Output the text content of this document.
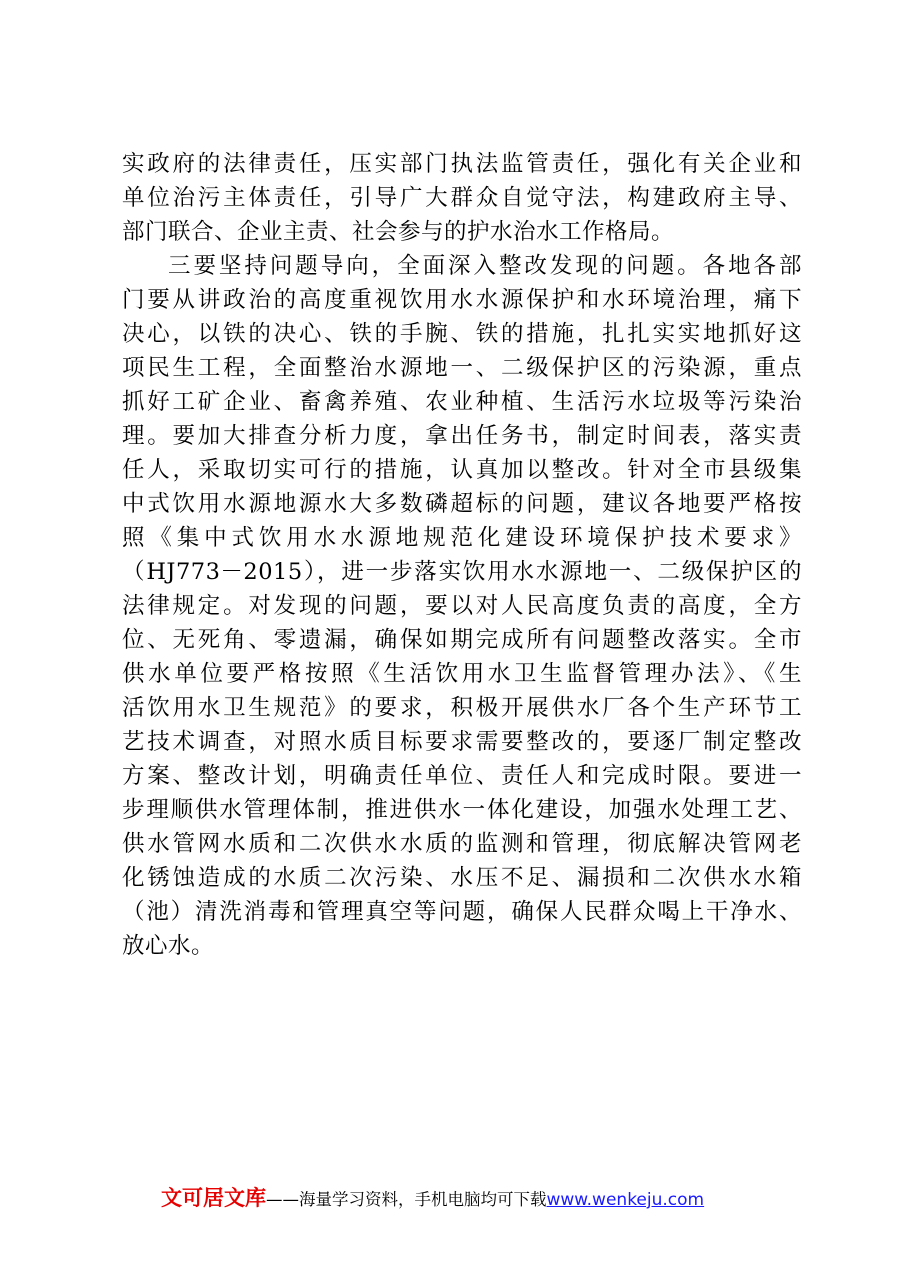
实政府的法律责任，压实部门执法监管责任，强化有关企业和
单位治污主体责任，引导广大群众自觉守法，构建政府主导、
部门联合、企业主责、社会参与的护水治水工作格局。
三要坚持问题导向，全面深入整改发现的问题。各地各部
门要从讲政治的高度重视饮用水水源保护和水环境治理，痛下
决心，以铁的决心、铁的手腕、铁的措施，扎扎实实地抓好这
项民生工程，全面整治水源地一、二级保护区的污染源，重点
抓好工矿企业、畜禽养殖、农业种植、生活污水垃圾等污染治
理。要加大排查分析力度，拿出任务书，制定时间表，落实责
任人，采取切实可行的措施，认真加以整改。针对全市县级集
中式饮用水源地源水大多数磷超标的问题，建议各地要严格按
照《集中式饮用水水源地规范化建设环境保护技术要求》
（HJ773－2015），进一步落实饮用水水源地一、二级保护区的
法律规定。对发现的问题，要以对人民高度负责的高度，全方
位、无死角、零遗漏，确保如期完成所有问题整改落实。全市
供水单位要严格按照《生活饮用水卫生监督管理办法》、《生
活饮用水卫生规范》的要求，积极开展供水厂各个生产环节工
艺技术调查，对照水质目标要求需要整改的，要逐厂制定整改
方案、整改计划，明确责任单位、责任人和完成时限。要进一
步理顺供水管理体制，推进供水一体化建设，加强水处理工艺、
供水管网水质和二次供水水质的监测和管理，彻底解决管网老
化锈蚀造成的水质二次污染、水压不足、漏损和二次供水水箱
（池）清洗消毒和管理真空等问题，确保人民群众喝上干净水、
放心水。
文可居文库——海量学习资料，手机电脑均可下载www.wenkeju.com
